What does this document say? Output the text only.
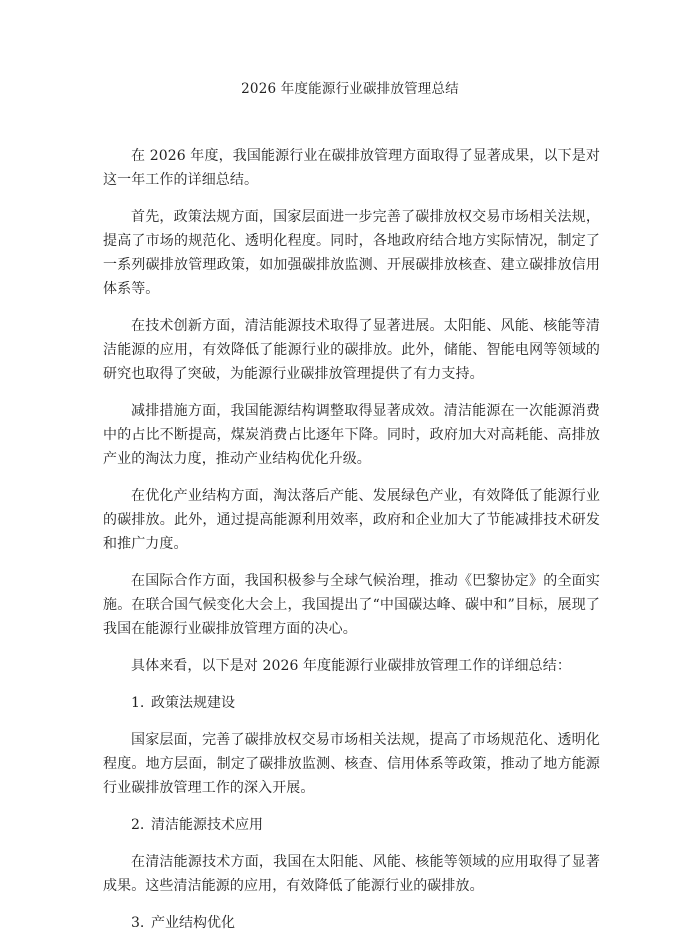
2026 年度能源行业碳排放管理总结

在 2026 年度，我国能源行业在碳排放管理方面取得了显著成果，以下是对这一年工作的详细总结。

首先，政策法规方面，国家层面进一步完善了碳排放权交易市场相关法规，提高了市场的规范化、透明化程度。同时，各地政府结合地方实际情况，制定了一系列碳排放管理政策，如加强碳排放监测、开展碳排放核查、建立碳排放信用体系等。

在技术创新方面，清洁能源技术取得了显著进展。太阳能、风能、核能等清洁能源的应用，有效降低了能源行业的碳排放。此外，储能、智能电网等领域的研究也取得了突破，为能源行业碳排放管理提供了有力支持。

减排措施方面，我国能源结构调整取得显著成效。清洁能源在一次能源消费中的占比不断提高，煤炭消费占比逐年下降。同时，政府加大对高耗能、高排放产业的淘汰力度，推动产业结构优化升级。

在优化产业结构方面，淘汰落后产能、发展绿色产业，有效降低了能源行业的碳排放。此外，通过提高能源利用效率，政府和企业加大了节能减排技术研发和推广力度。

在国际合作方面，我国积极参与全球气候治理，推动《巴黎协定》的全面实施。在联合国气候变化大会上，我国提出了“中国碳达峰、碳中和”目标，展现了我国在能源行业碳排放管理方面的决心。

具体来看，以下是对 2026 年度能源行业碳排放管理工作的详细总结：

1. 政策法规建设

国家层面，完善了碳排放权交易市场相关法规，提高了市场规范化、透明化程度。地方层面，制定了碳排放监测、核查、信用体系等政策，推动了地方能源行业碳排放管理工作的深入开展。

2. 清洁能源技术应用

在清洁能源技术方面，我国在太阳能、风能、核能等领域的应用取得了显著成果。这些清洁能源的应用，有效降低了能源行业的碳排放。

3. 产业结构优化
